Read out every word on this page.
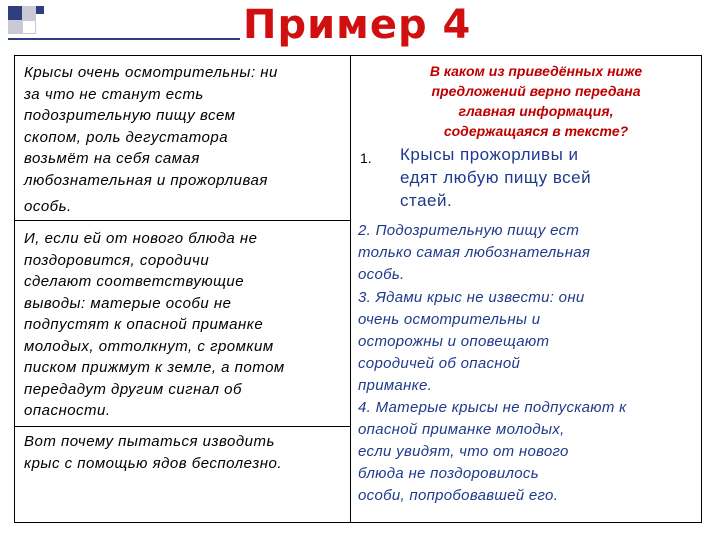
Пример 4

Крысы очень осмотрительны: ни
за что не станут есть
подозрительную пищу всем
скопом, роль дегустатора
возьмёт на себя самая
любознательная и прожорливая

особь.

И, если ей от нового блюда не
поздоровится, сородичи
сделают соответствующие
выводы: матерые особи не
подпустят к опасной приманке
молодых, оттолкнут, с громким
писком прижмут к земле, а потом
передадут другим сигнал об
опасности.

Вот почему пытаться изводить
крыс с помощью ядов бесполезно.

В каком из приведённых ниже
предложений верно передана
главная информация,
содержащаяся в тексте?

1. Крысы прожорливы и
едят любую пищу всей
стаей.
2. Подозрительную пищу ест
только самая любознательная
особь.
3. Ядами крыс не извести: они
очень осмотрительны и
осторожны и оповещают
сородичей об опасной
приманке.
4. Матерые крысы не подпускают к
опасной приманке молодых,
если увидят, что от нового
блюда не поздоровилось
особи, попробовавшей его.
